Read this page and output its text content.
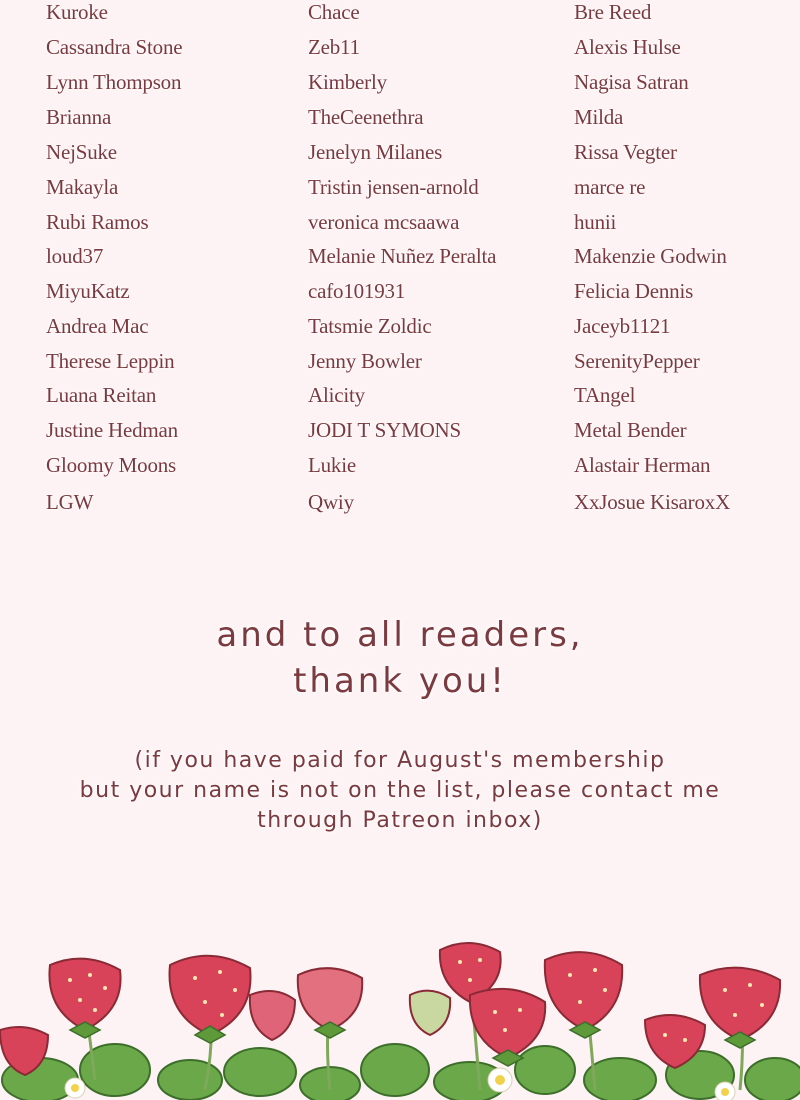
Kuroke
Cassandra Stone
Lynn Thompson
Brianna
NejSuke
Makayla
Rubi Ramos
loud37
MiyuKatz
Andrea Mac
Therese Leppin
Luana Reitan
Justine Hedman
Gloomy Moons
LGW
Chace
Zeb11
Kimberly
TheCeenethra
Jenelyn Milanes
Tristin jensen-arnold
veronica mcsaawa
Melanie Nuñez Peralta
cafo101931
Tatsmie Zoldic
Jenny Bowler
Alicity
JODI T SYMONS
Lukie
Qwiy
Bre Reed
Alexis Hulse
Nagisa Satran
Milda
Rissa Vegter
marce re
hunii
Makenzie Godwin
Felicia Dennis
Jaceyb1121
SerenityPepper
TAngel
Metal Bender
Alastair Herman
XxJosue KisaroxX
and to all readers,
thank you!
(if you have paid for August's membership
but your name is not on the list, please contact me
through Patreon inbox)
